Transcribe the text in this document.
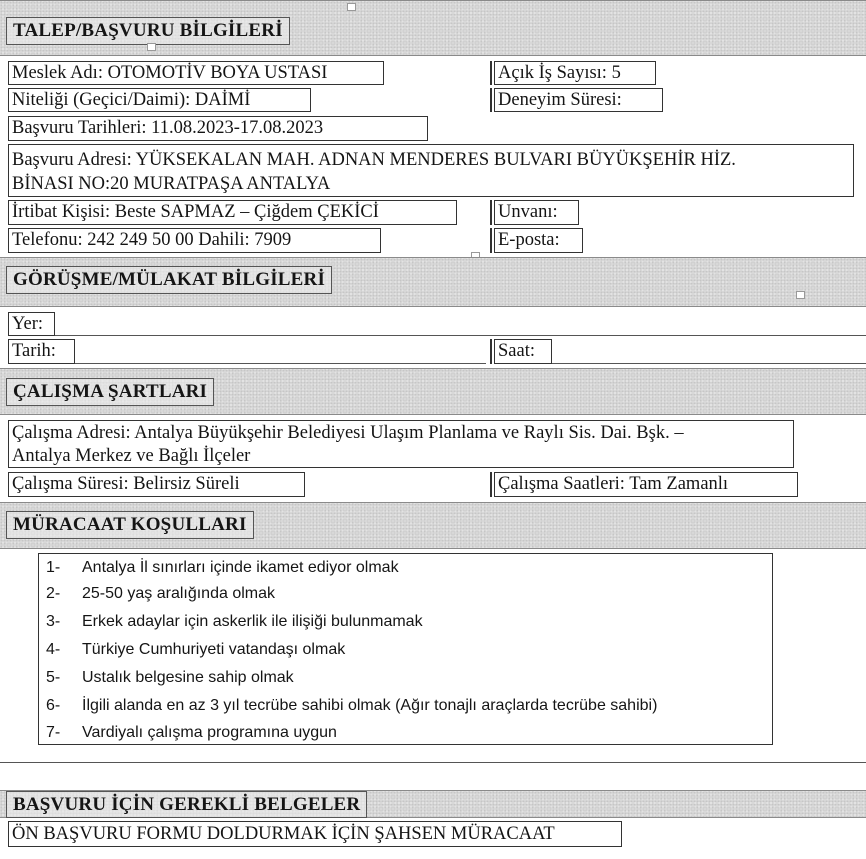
TALEP/BAŞVURU BİLGİLERİ
Meslek Adı: OTOMOTİV BOYA USTASI	Açık İş Sayısı: 5
Niteliği (Geçici/Daimi): DAİMİ	Deneyim Süresi:
Başvuru Tarihleri: 11.08.2023-17.08.2023
Başvuru Adresi: YÜKSEKALAN MAH. ADNAN MENDERES BULVARI BÜYÜKŞEHİR HİZ.
BİNASI NO:20 MURATPAŞA ANTALYA
İrtibat Kişisi: Beste SAPMAZ – Çiğdem ÇEKİCİ	Unvanı:
Telefonu: 242 249 50 00 Dahili: 7909	E-posta:
GÖRÜŞME/MÜLAKAT BİLGİLERİ
Yer:
Tarih:	Saat:
ÇALIŞMA ŞARTLARI
Çalışma Adresi: Antalya Büyükşehir Belediyesi Ulaşım Planlama ve Raylı Sis. Dai. Bşk. –
Antalya Merkez ve Bağlı İlçeler
Çalışma Süresi: Belirsiz Süreli	Çalışma Saatleri: Tam Zamanlı
MÜRACAAT KOŞULLARI
1- Antalya İl sınırları içinde ikamet ediyor olmak
2- 25-50 yaş aralığında olmak
3- Erkek adaylar için askerlik ile ilişiği bulunmamak
4- Türkiye Cumhuriyeti vatandaşı olmak
5- Ustalık belgesine sahip olmak
6- İlgili alanda en az 3 yıl tecrübe sahibi olmak (Ağır tonajlı araçlarda tecrübe sahibi)
7- Vardiyalı çalışma programına uygun
BAŞVURU İÇİN GEREKLİ BELGELER
ÖN BAŞVURU FORMU DOLDURMAK İÇİN ŞAHSEN MÜRACAAT
